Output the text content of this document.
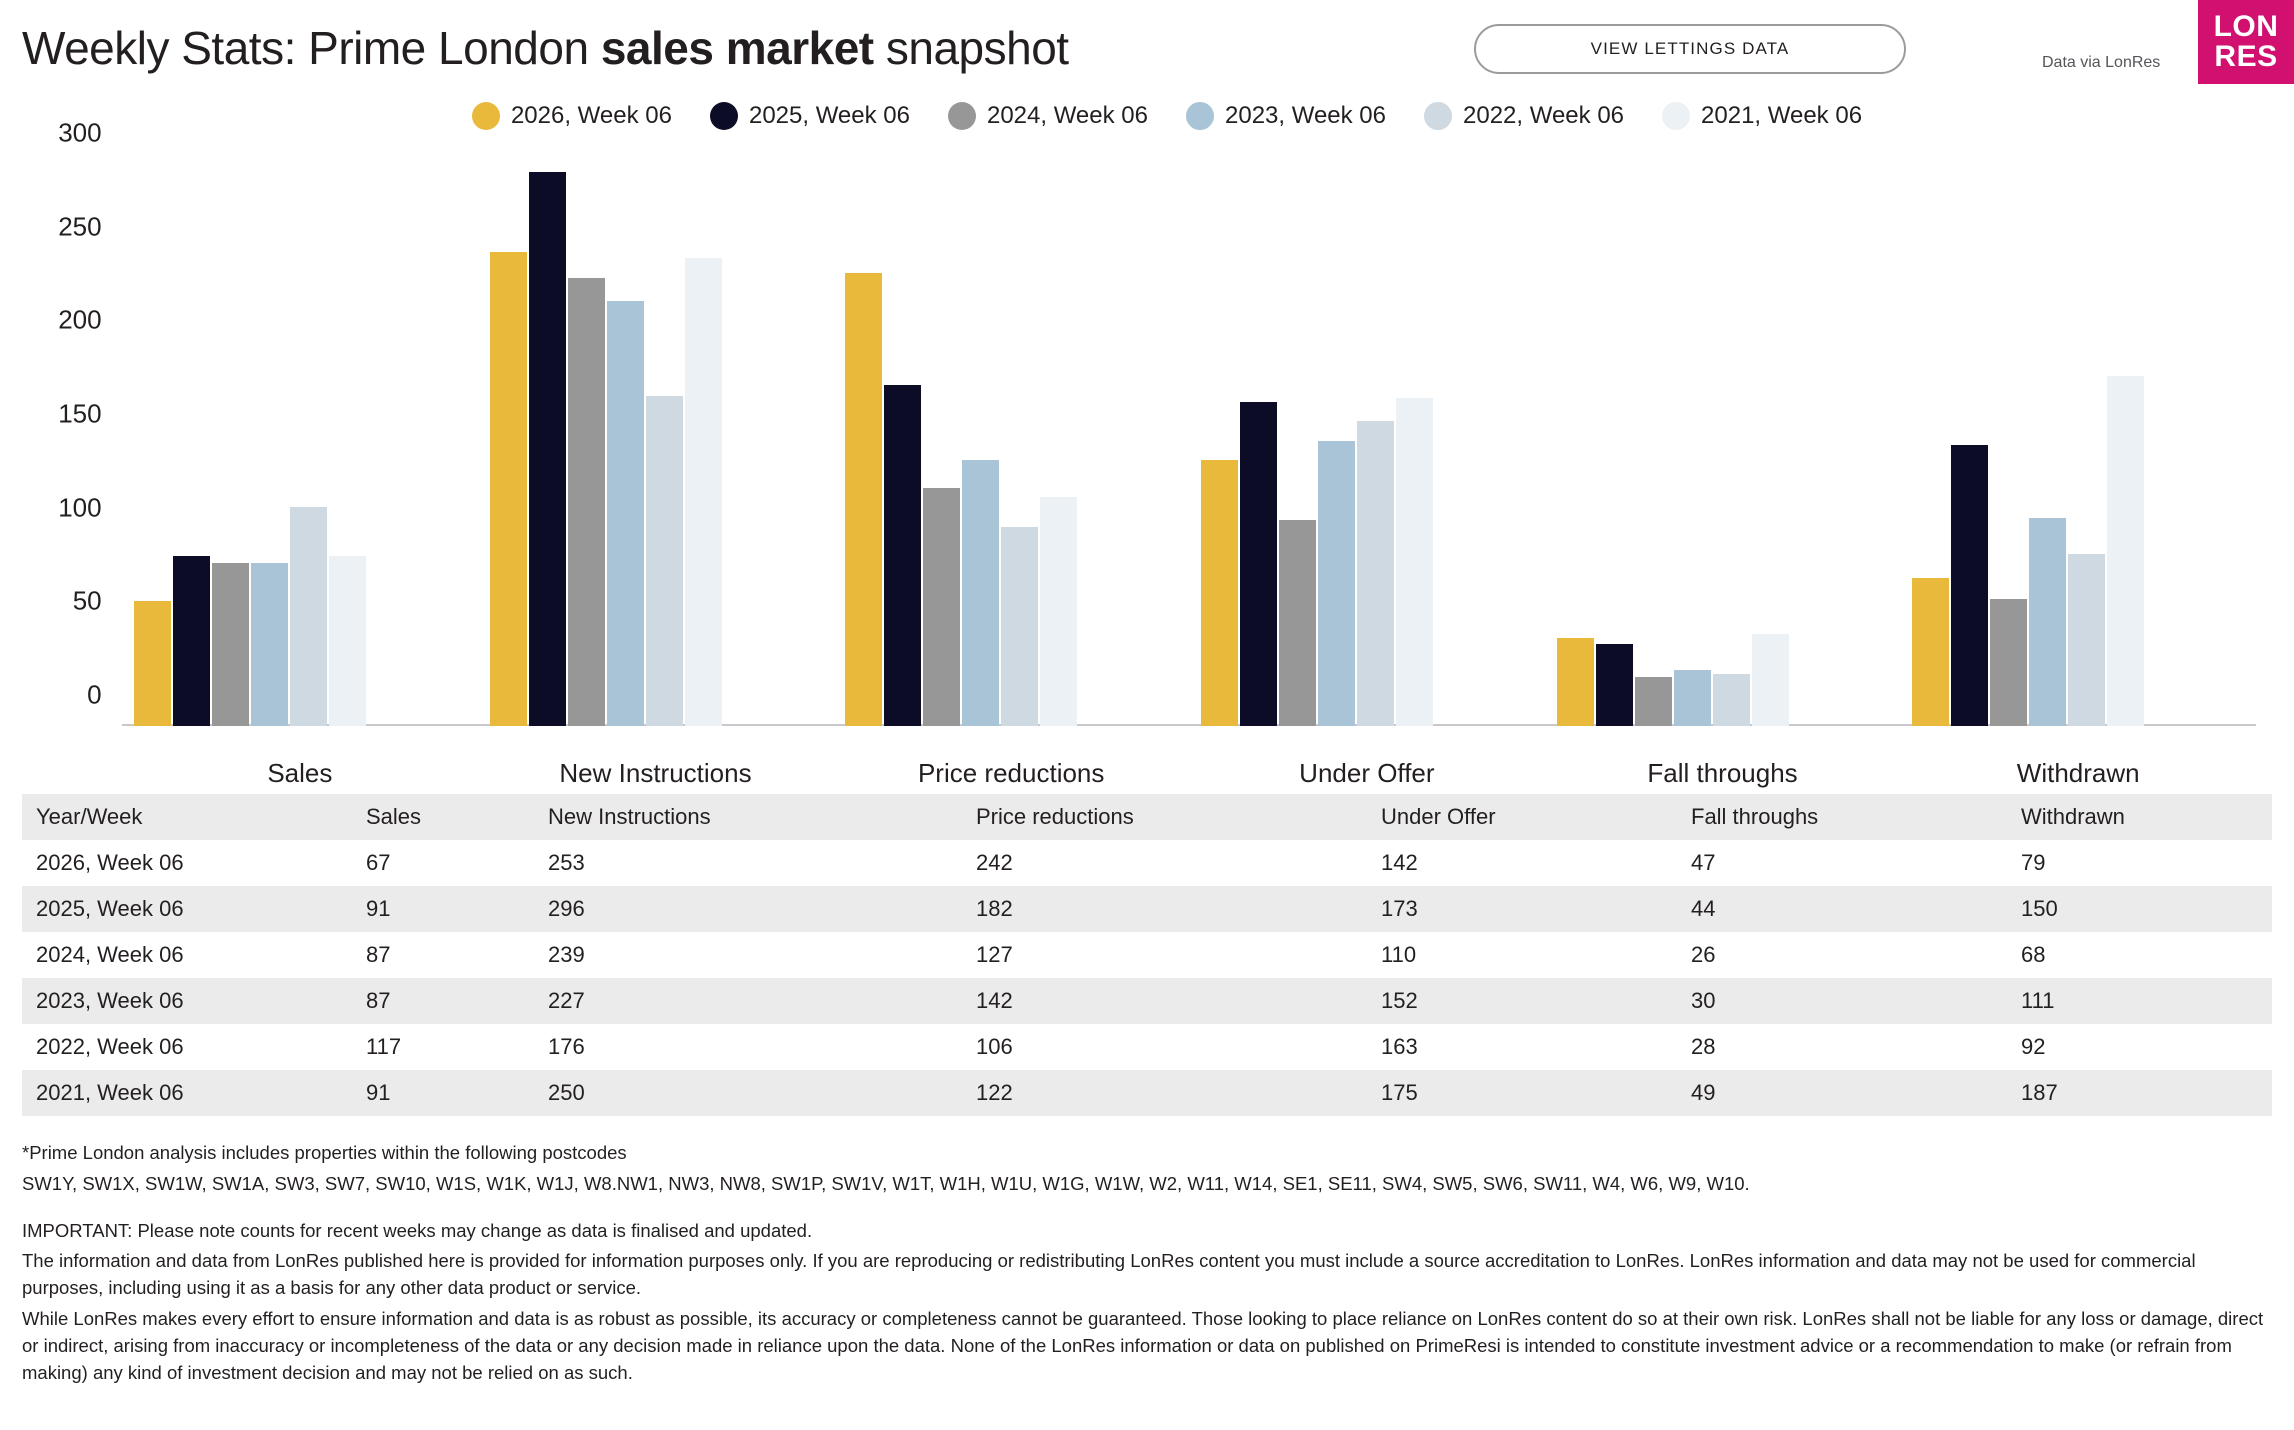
Weekly Stats: Prime London sales market snapshot	VIEW LETTINGS DATA
Data via LonRes
LON
RES
2026, Week 06	2025, Week 06	2024, Week 06	2023, Week 06	2022, Week 06	2021, Week 06
Sales	New Instructions	Price reductions	Under Offer	Fall throughs	Withdrawn
0
50
100
150
200
250
300
Year/Week	Sales	New Instructions	Price reductions	Under Offer	Fall throughs	Withdrawn
2026, Week 06	67	253	242	142	47	79
2025, Week 06	91	296	182	173	44	150
2024, Week 06	87	239	127	110	26	68
2023, Week 06	87	227	142	152	30	111
2022, Week 06	117	176	106	163	28	92
2021, Week 06	91	250	122	175	49	187

*Prime London analysis includes properties within the following postcodes

SW1Y, SW1X, SW1W, SW1A, SW3, SW7, SW10, W1S, W1K, W1J, W8.NW1, NW3, NW8, SW1P, SW1V, W1T, W1H, W1U, W1G, W1W, W2, W11, W14, SE1, SE11, SW4, SW5, SW6, SW11, W4, W6, W9, W10.

IMPORTANT: Please note counts for recent weeks may change as data is finalised and updated.

The information and data from LonRes published here is provided for information purposes only. If you are reproducing or redistributing LonRes content you must include a source accreditation to LonRes. LonRes information and data may not be used for commercial purposes, including using it as a basis for any other data product or service.

While LonRes makes every effort to ensure information and data is as robust as possible, its accuracy or completeness cannot be guaranteed. Those looking to place reliance on LonRes content do so at their own risk. LonRes shall not be liable for any loss or damage, direct or indirect, arising from inaccuracy or incompleteness of the data or any decision made in reliance upon the data. None of the LonRes information or data on published on PrimeResi is intended to constitute investment advice or a recommendation to make (or refrain from making) any kind of investment decision and may not be relied on as such.
